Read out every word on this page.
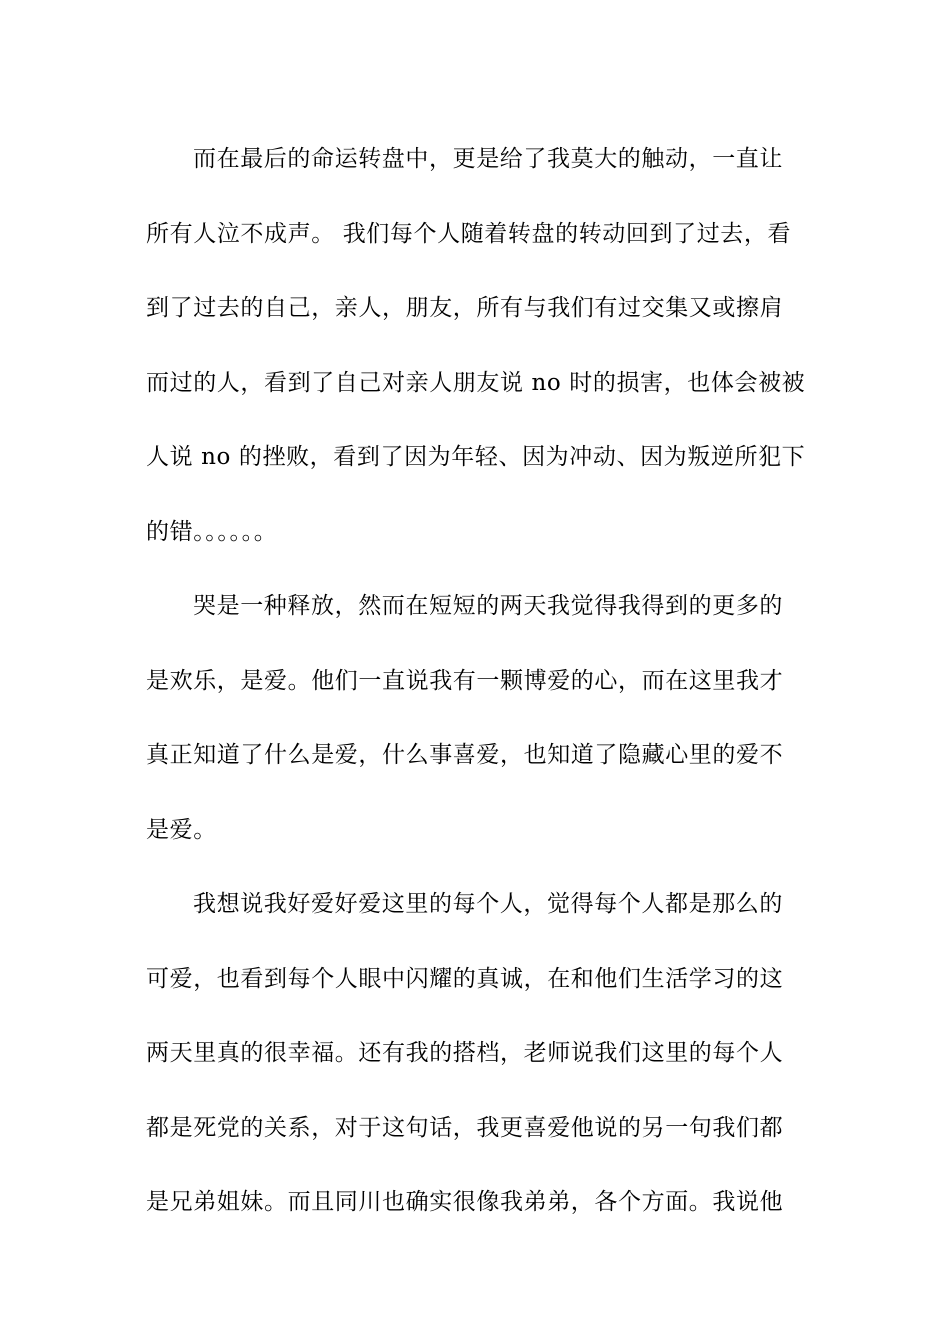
而在最后的命运转盘中，更是给了我莫大的触动，一直让
所有人泣不成声。 我们每个人随着转盘的转动回到了过去，看
到了过去的自己，亲人，朋友，所有与我们有过交集又或擦肩
而过的人，看到了自己对亲人朋友说 no 时的损害，也体会被被
人说 no 的挫败，看到了因为年轻、因为冲动、因为叛逆所犯下
的错。。。。。。
哭是一种释放，然而在短短的两天我觉得我得到的更多的
是欢乐，是爱。他们一直说我有一颗博爱的心，而在这里我才
真正知道了什么是爱，什么事喜爱，也知道了隐藏心里的爱不
是爱。
我想说我好爱好爱这里的每个人，觉得每个人都是那么的
可爱，也看到每个人眼中闪耀的真诚，在和他们生活学习的这
两天里真的很幸福。还有我的搭档，老师说我们这里的每个人
都是死党的关系，对于这句话，我更喜爱他说的另一句我们都
是兄弟姐妹。而且同川也确实很像我弟弟，各个方面。我说他
